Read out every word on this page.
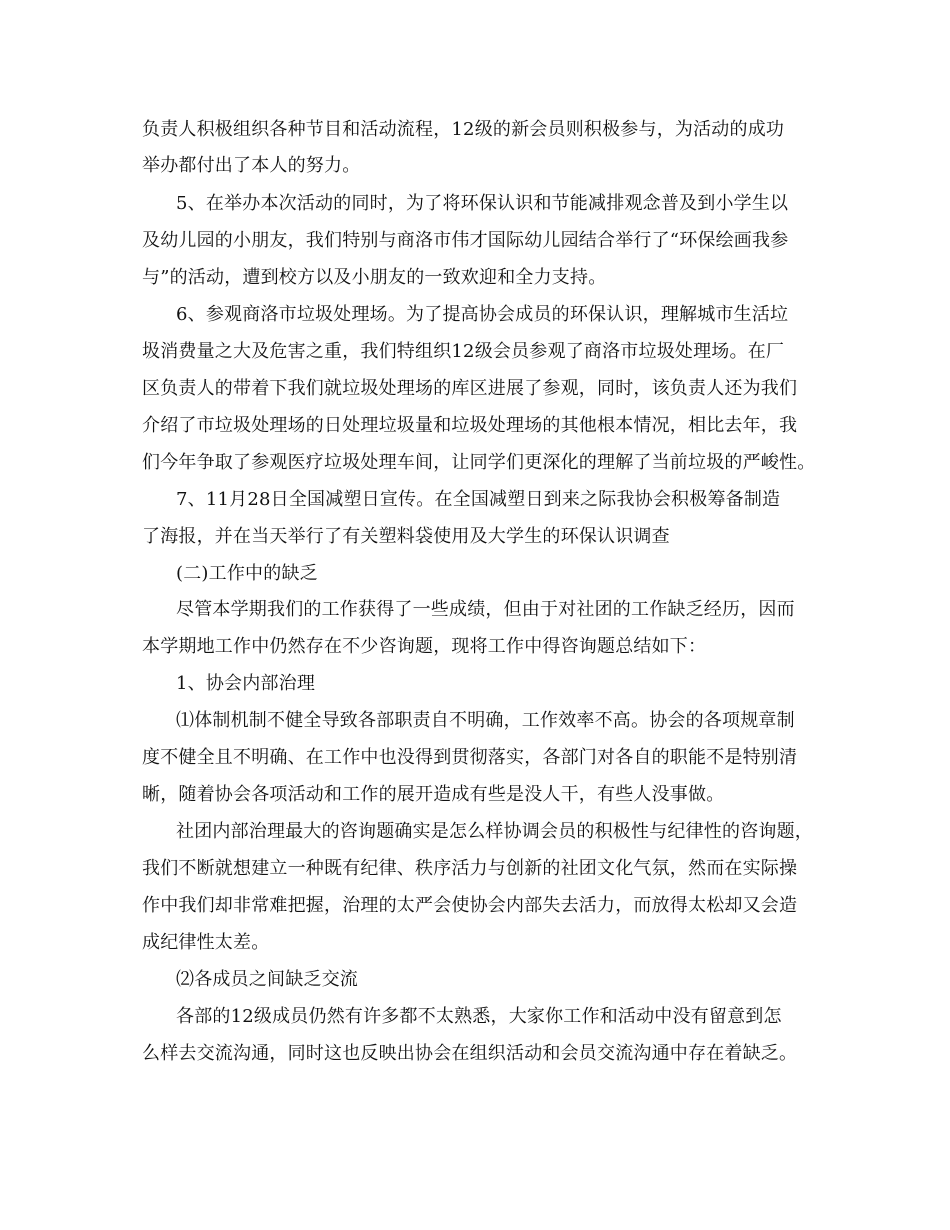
负责人积极组织各种节目和活动流程，12级的新会员则积极参与，为活动的成功
举办都付出了本人的努力。
5、在举办本次活动的同时，为了将环保认识和节能减排观念普及到小学生以
及幼儿园的小朋友，我们特别与商洛市伟才国际幼儿园结合举行了“环保绘画我参
与”的活动，遭到校方以及小朋友的一致欢迎和全力支持。
6、参观商洛市垃圾处理场。为了提高协会成员的环保认识，理解城市生活垃
圾消费量之大及危害之重，我们特组织12级会员参观了商洛市垃圾处理场。在厂
区负责人的带着下我们就垃圾处理场的库区进展了参观，同时，该负责人还为我们
介绍了市垃圾处理场的日处理垃圾量和垃圾处理场的其他根本情况，相比去年，我
们今年争取了参观医疗垃圾处理车间，让同学们更深化的理解了当前垃圾的严峻性。
7、11月28日全国减塑日宣传。在全国减塑日到来之际我协会积极筹备制造
了海报，并在当天举行了有关塑料袋使用及大学生的环保认识调查
(二)工作中的缺乏
尽管本学期我们的工作获得了一些成绩，但由于对社团的工作缺乏经历，因而
本学期地工作中仍然存在不少咨询题，现将工作中得咨询题总结如下：
1、协会内部治理
⑴体制机制不健全导致各部职责自不明确，工作效率不高。协会的各项规章制
度不健全且不明确、在工作中也没得到贯彻落实，各部门对各自的职能不是特别清
晰，随着协会各项活动和工作的展开造成有些是没人干，有些人没事做。
社团内部治理最大的咨询题确实是怎么样协调会员的积极性与纪律性的咨询题，
我们不断就想建立一种既有纪律、秩序活力与创新的社团文化气氛，然而在实际操
作中我们却非常难把握，治理的太严会使协会内部失去活力，而放得太松却又会造
成纪律性太差。
⑵各成员之间缺乏交流
各部的12级成员仍然有许多都不太熟悉，大家你工作和活动中没有留意到怎
么样去交流沟通，同时这也反映出协会在组织活动和会员交流沟通中存在着缺乏。
